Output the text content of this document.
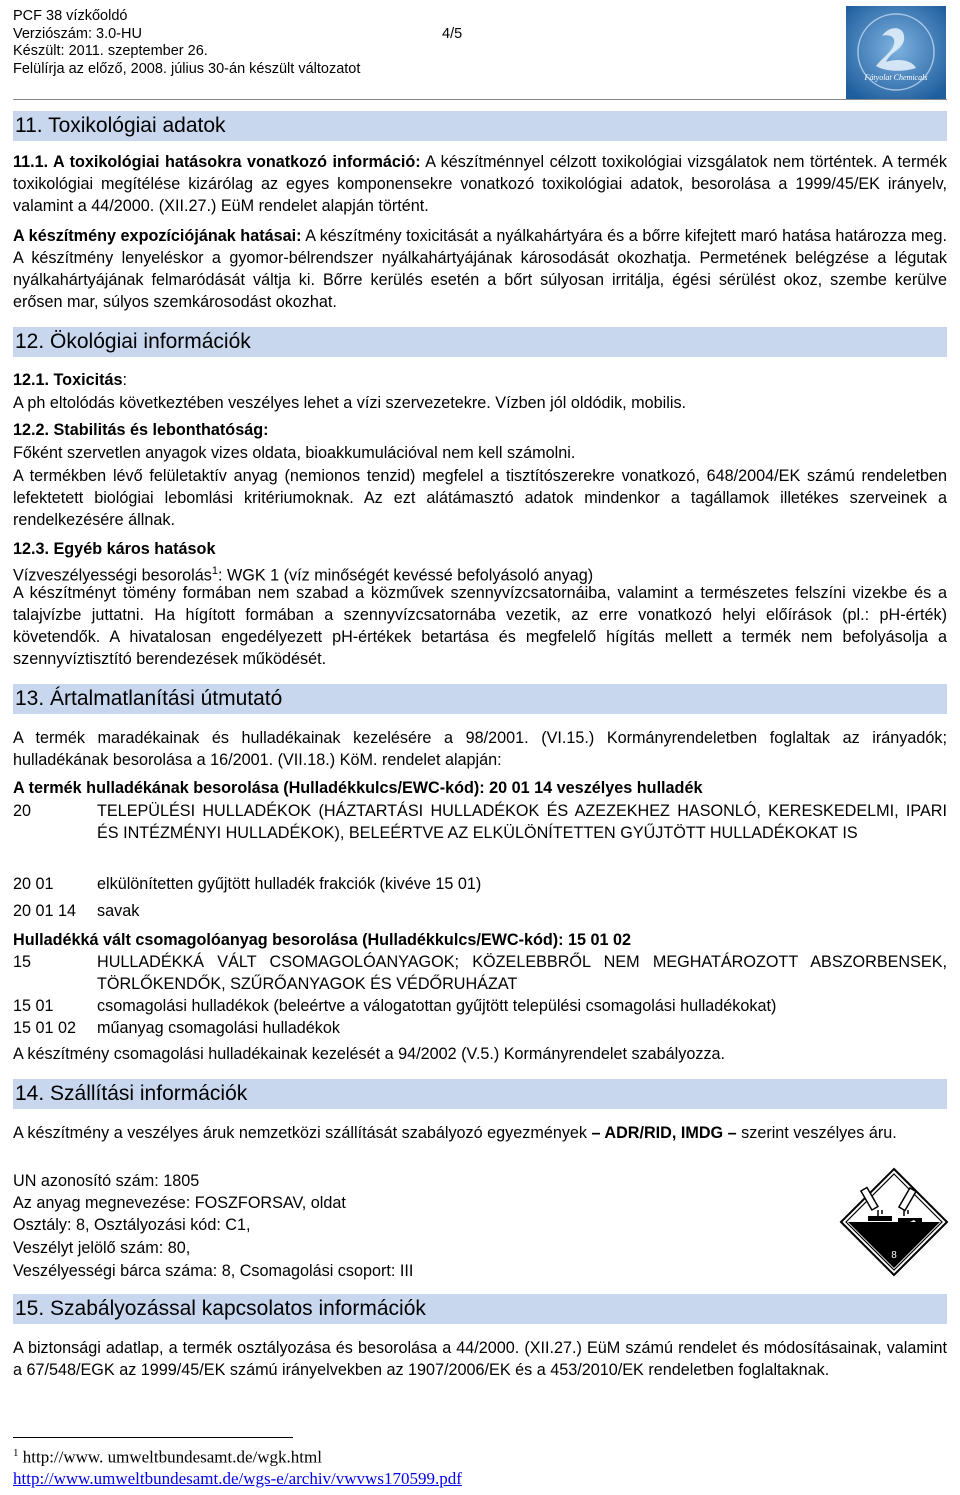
PCF 38 vízkőoldó
Verziószám: 3.0-HU
Készült: 2011. szeptember 26.
Felülírja az előző, 2008. július 30-án készült változatot
4/5
Fátyolat Chemicals
11. Toxikológiai adatok
11.1. A toxikológiai hatásokra vonatkozó információ: A készítménnyel célzott toxikológiai vizsgálatok nem történtek. A termék toxikológiai megítélése kizárólag az egyes komponensekre vonatkozó toxikológiai adatok, besorolása a 1999/45/EK irányelv, valamint a 44/2000. (XII.27.) EüM rendelet alapján történt.
A készítmény expozíciójának hatásai: A készítmény toxicitását a nyálkahártyára és a bőrre kifejtett maró hatása határozza meg. A készítmény lenyeléskor a gyomor-bélrendszer nyálkahártyájának károsodását okozhatja. Permetének belégzése a légutak nyálkahártyájának felmaródását váltja ki. Bőrre kerülés esetén a bőrt súlyosan irritálja, égési sérülést okoz, szembe kerülve erősen mar, súlyos szemkárosodást okozhat.
12. Ökológiai információk
12.1. Toxicitás:
A ph eltolódás következtében veszélyes lehet a vízi szervezetekre. Vízben jól oldódik, mobilis.
12.2. Stabilitás és lebonthatóság:
Főként szervetlen anyagok vizes oldata, bioakkumulációval nem kell számolni.
A termékben lévő felületaktív anyag (nemionos tenzid) megfelel a tisztítószerekre vonatkozó, 648/2004/EK számú rendeletben lefektetett biológiai lebomlási kritériumoknak. Az ezt alátámasztó adatok mindenkor a tagállamok illetékes szerveinek a rendelkezésére állnak.
12.3. Egyéb káros hatások
Vízveszélyességi besorolás$^1$: WGK 1 (víz minőségét kevéssé befolyásoló anyag)
A készítményt tömény formában nem szabad a közművek szennyvízcsatornáiba, valamint a természetes felszíni vizekbe és a talajvízbe juttatni. Ha hígított formában a szennyvízcsatornába vezetik, az erre vonatkozó helyi előírások (pl.: pH-érték) követendők. A hivatalosan engedélyezett pH-értékek betartása és megfelelő hígítás mellett a termék nem befolyásolja a szennyvíztisztító berendezések működését.
13. Ártalmatlanítási útmutató
A termék maradékainak és hulladékainak kezelésére a 98/2001. (VI.15.) Kormányrendeletben foglaltak az irányadók; hulladékának besorolása a 16/2001. (VII.18.) KöM. rendelet alapján:
A termék hulladékának besorolása (Hulladékkulcs/EWC-kód): 20 01 14 veszélyes hulladék
20	TELEPÜLÉSI HULLADÉKOK (HÁZTARTÁSI HULLADÉKOK ÉS AZEZEKHEZ HASONLÓ, KERESKEDELMI, IPARI ÉS INTÉZMÉNYI HULLADÉKOK), BELEÉRTVE AZ ELKÜLÖNÍTETTEN GYŰJTÖTT HULLADÉKOKAT IS
20 01	elkülönítetten gyűjtött hulladék frakciók (kivéve 15 01)
20 01 14 savak
Hulladékká vált csomagolóanyag besorolása (Hulladékkulcs/EWC-kód): 15 01 02
15	HULLADÉKKÁ VÁLT CSOMAGOLÓANYAGOK; KÖZELEBBRŐL NEM MEGHATÁROZOTT ABSZORBENSEK, TÖRLŐKENDŐK, SZŰRŐANYAGOK ÉS VÉDŐRUHÁZAT
15 01	csomagolási hulladékok (beleértve a válogatottan gyűjtött települési csomagolási hulladékokat)
15 01 02 műanyag csomagolási hulladékok
A készítmény csomagolási hulladékainak kezelését a 94/2002 (V.5.) Kormányrendelet szabályozza.
14. Szállítási információk
A készítmény a veszélyes áruk nemzetközi szállítását szabályozó egyezmények – ADR/RID, IMDG – szerint veszélyes áru.
UN azonosító szám: 1805
Az anyag megnevezése: FOSZFORSAV, oldat
Osztály: 8, Osztályozási kód: C1,
Veszélyt jelölő szám: 80,
Veszélyességi bárca száma: 8, Csomagolási csoport: III
8
15. Szabályozással kapcsolatos információk
A biztonsági adatlap, a termék osztályozása és besorolása a 44/2000. (XII.27.) EüM számú rendelet és módosításainak, valamint a 67/548/EGK az 1999/45/EK számú irányelvekben az 1907/2006/EK és a 453/2010/EK rendeletben foglaltaknak.
$^1$ http://www. umweltbundesamt.de/wgk.html
http://www.umweltbundesamt.de/wgs-e/archiv/vwvws170599.pdf
